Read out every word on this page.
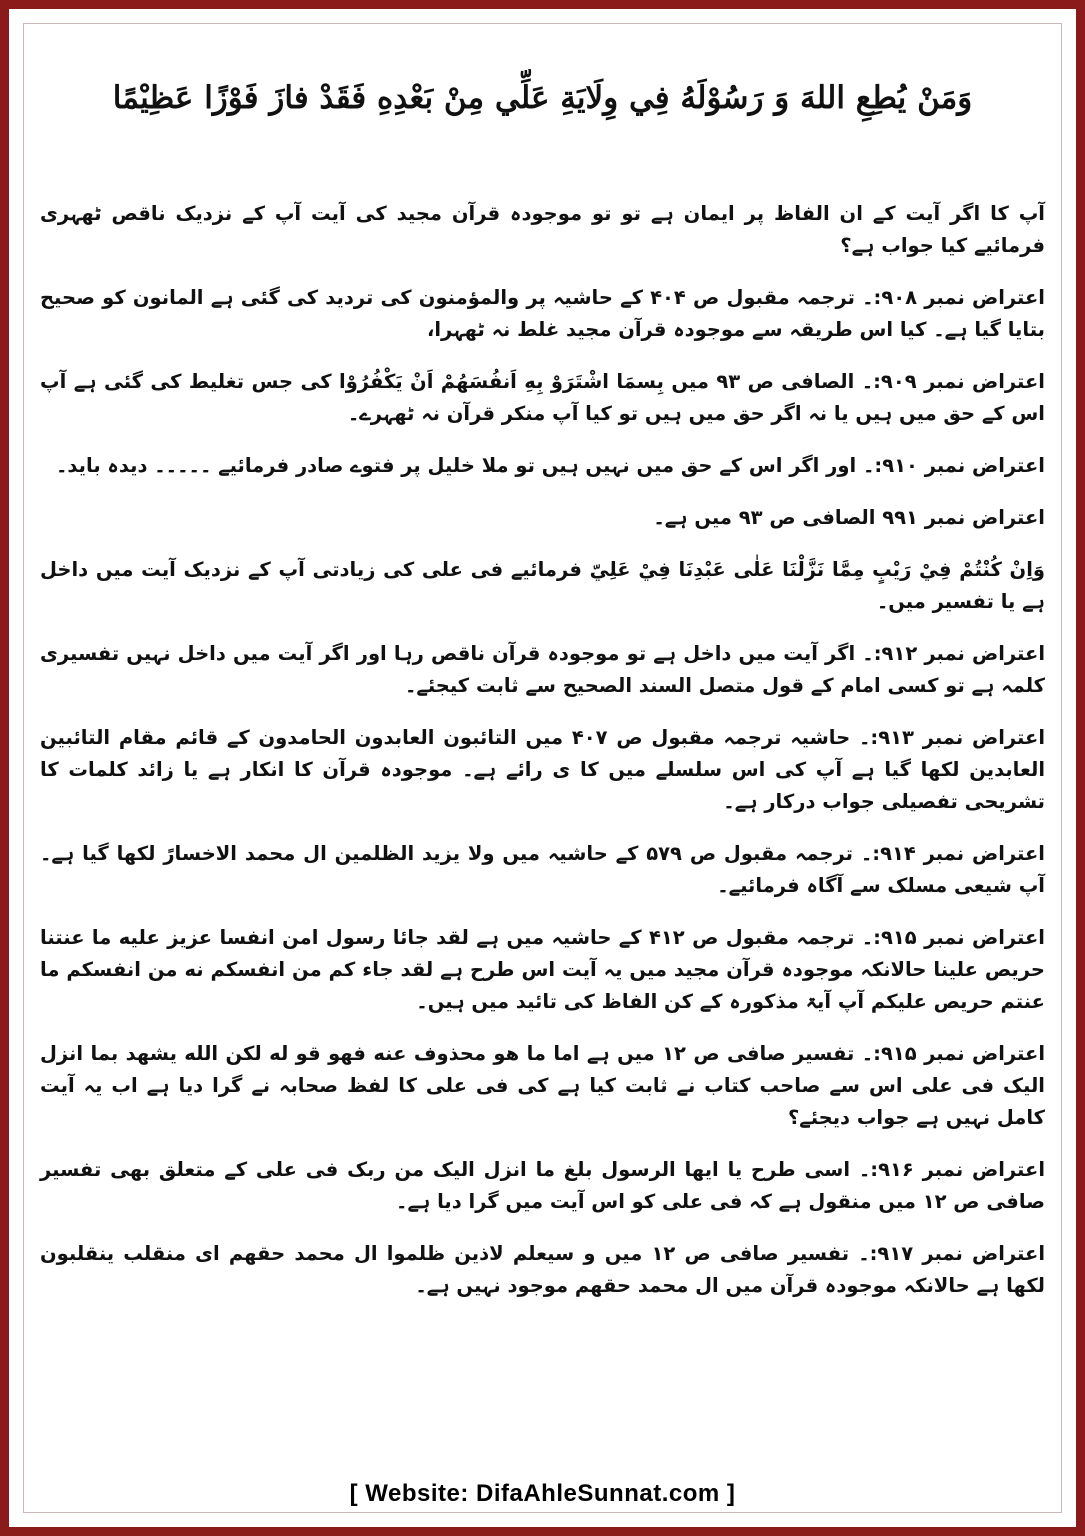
وَمَنْ يُطِعِ اللهَ وَ رَسُوْلَهُ فِي وِلَايَةِ عَلِّي مِنْ بَعْدِهِ فَقَدْ فازَ فَوْزًا عَظِيْمًا

آپ کا اگر آیت کے ان الفاظ پر ایمان ہے تو تو موجودہ قرآن مجید کی آیت آپ کے نزدیک ناقص ٹھہری فرمائیے کیا جواب ہے؟

اعتراض نمبر ۹۰۸:۔ ترجمہ مقبول ص ۴۰۴ کے حاشیہ پر والمؤمنون کی تردید کی گئی ہے المانون کو صحیح بتایا گیا ہے۔ کیا اس طریقہ سے موجودہ قرآن مجید غلط نہ ٹھہرا،

اعتراض نمبر ۹۰۹:۔ الصافی ص ۹۳ میں بِسمَا اشْتَرَوْ بِهِ اَنفُسَهُمْ اَنْ يَكْفُرُوْا کی جس تغلیط کی گئی ہے آپ اس کے حق میں ہیں یا نہ اگر حق میں ہیں تو کیا آپ منکر قرآن نہ ٹھہرے۔

اعتراض نمبر ۹۱۰:۔ اور اگر اس کے حق میں نہیں ہیں تو ملا خلیل پر فتوے صادر فرمائیے ۔۔۔۔۔ دیدہ باید۔

اعتراض نمبر ۹۹۱ الصافی ص ۹۳ میں ہے۔

وَاِنْ كُنْتُمْ فِيْ رَيْبٍ مِمَّا نَزَّلْنَا عَلٰى عَبْدِنَا فِيْ عَلِيّ فرمائیے فی علی کی زیادتی آپ کے نزدیک آیت میں داخل ہے یا تفسیر میں۔

اعتراض نمبر ۹۱۲:۔ اگر آیت میں داخل ہے تو موجودہ قرآن ناقص رہا اور اگر آیت میں داخل نہیں تفسیری کلمہ ہے تو کسی امام کے قول متصل السند الصحیح سے ثابت کیجئے۔

اعتراض نمبر ۹۱۳:۔ حاشیہ ترجمہ مقبول ص ۴۰۷ میں التائبون العابدون الحامدون کے قائم مقام التائبین العابدین لکھا گیا ہے آپ کی اس سلسلے میں کا ی رائے ہے۔ موجودہ قرآن کا انکار ہے یا زائد کلمات کا تشریحی تفصیلی جواب درکار ہے۔

اعتراض نمبر ۹۱۴:۔ ترجمہ مقبول ص ۵۷۹ کے حاشیہ میں ولا یزید الظلمین ال محمد الاخسارً لکھا گیا ہے۔ آپ شیعی مسلک سے آگاہ فرمائیے۔

اعتراض نمبر ۹۱۵:۔ ترجمہ مقبول ص ۴۱۲ کے حاشیہ میں ہے لقد جائا رسول امن انفسا عزیز علیه ما عنتنا حریص علینا حالانکہ موجودہ قرآن مجید میں یہ آیت اس طرح ہے لقد جاء کم من انفسکم نه من انفسکم ما عنتم حریص علیکم آپ آیۃ مذکورہ کے کن الفاظ کی تائید میں ہیں۔

اعتراض نمبر ۹۱۵:۔ تفسیر صافی ص ۱۲ میں ہے اما ما هو محذوف عنه فهو قو له لكن الله یشهد بما انزل الیک فی علی اس سے صاحب کتاب نے ثابت کیا ہے کی فی علی کا لفظ صحابہ نے گرا دیا ہے اب یہ آیت کامل نہیں ہے جواب دیجئے؟

اعتراض نمبر ۹۱۶:۔ اسی طرح یا ایها الرسول بلغ ما انزل الیک من ربک فی علی کے متعلق بھی تفسیر صافی ص ۱۲ میں منقول ہے کہ فی علی کو اس آیت میں گرا دیا ہے۔

اعتراض نمبر ۹۱۷:۔ تفسیر صافی ص ۱۲ میں و سیعلم لاذین ظلموا ال محمد حقهم ای منقلب ینقلبون لکھا ہے حالانکہ موجودہ قرآن میں ال محمد حقھم موجود نہیں ہے۔

[ Website: DifaAhleSunnat.com ]
